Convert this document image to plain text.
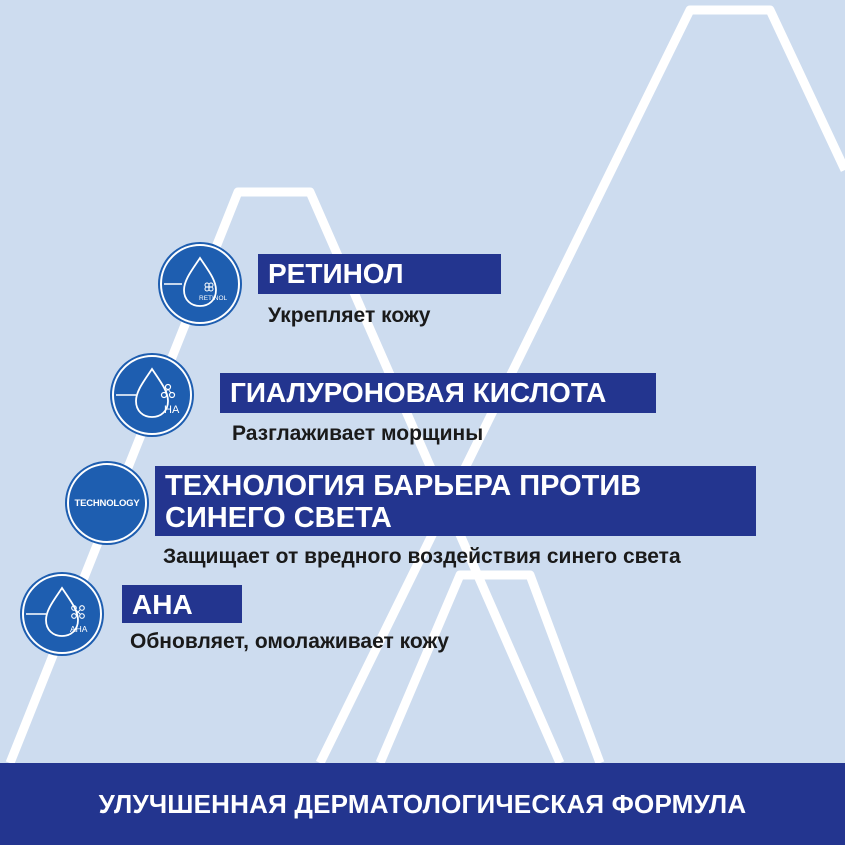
RETINOL
РЕТИНОЛ
Укрепляет кожу
HA
ГИАЛУРОНОВАЯ КИСЛОТА
Разглаживает морщины
TECHNOLOGY
ТЕХНОЛОГИЯ БАРЬЕРА ПРОТИВ
СИНЕГО СВЕТА
Защищает от вредного воздействия синего света
AHA
АНА
Обновляет, омолаживает кожу
УЛУЧШЕННАЯ ДЕРМАТОЛОГИЧЕСКАЯ ФОРМУЛА
